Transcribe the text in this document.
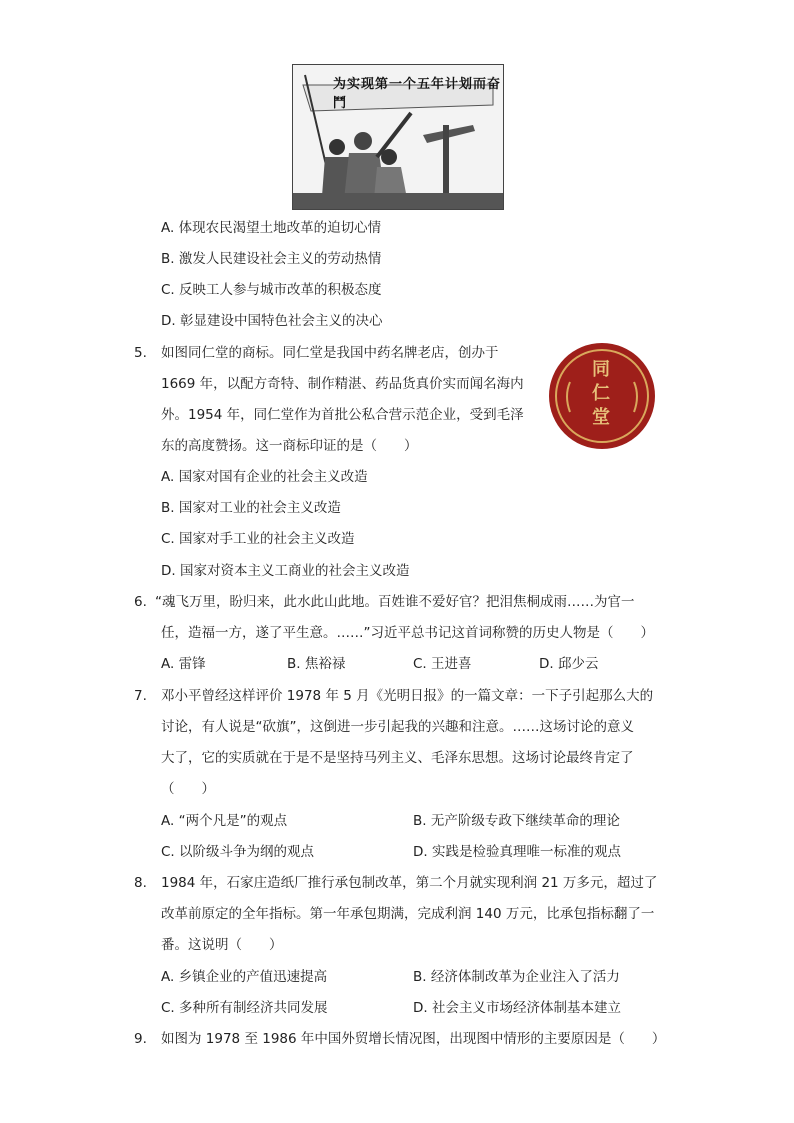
为实现第一个五年计划而奋鬥
A. 体现农民渴望土地改革的迫切心情
B. 激发人民建设社会主义的劳动热情
C. 反映工人参与城市改革的积极态度
D. 彰显建设中国特色社会主义的决心
5. 如图同仁堂的商标。同仁堂是我国中药名牌老店，创办于
1669 年，以配方奇特、制作精湛、药品货真价实而闻名海内
外。1954 年，同仁堂作为首批公私合营示范企业，受到毛泽
东的高度赞扬。这一商标印证的是（　　）
同仁堂
A. 国家对国有企业的社会主义改造
B. 国家对工业的社会主义改造
C. 国家对手工业的社会主义改造
D. 国家对资本主义工商业的社会主义改造
6. “魂飞万里，盼归来，此水此山此地。百姓谁不爱好官？把泪焦桐成雨……为官一
任，造福一方，遂了平生意。……”习近平总书记这首词称赞的历史人物是（　　）
A. 雷锋	B. 焦裕禄	C. 王进喜	D. 邱少云
7. 邓小平曾经这样评价 1978 年 5 月《光明日报》的一篇文章：一下子引起那么大的
讨论，有人说是“砍旗”，这倒进一步引起我的兴趣和注意。……这场讨论的意义
大了，它的实质就在于是不是坚持马列主义、毛泽东思想。这场讨论最终肯定了
（　　）
A. “两个凡是”的观点	B. 无产阶级专政下继续革命的理论
C. 以阶级斗争为纲的观点	D. 实践是检验真理唯一标准的观点
8. 1984 年，石家庄造纸厂推行承包制改革，第二个月就实现利润 21 万多元，超过了
改革前原定的全年指标。第一年承包期满，完成利润 140 万元，比承包指标翻了一
番。这说明（　　）
A. 乡镇企业的产值迅速提高	B. 经济体制改革为企业注入了活力
C. 多种所有制经济共同发展	D. 社会主义市场经济体制基本建立
9. 如图为 1978 至 1986 年中国外贸增长情况图，出现图中情形的主要原因是（　　）
